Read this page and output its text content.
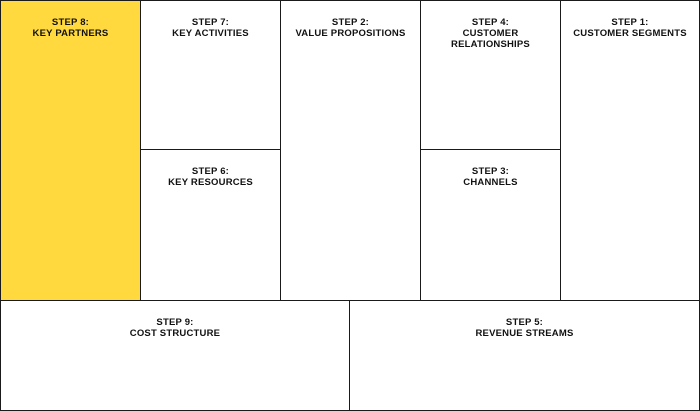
STEP 8:
KEY PARTNERS
STEP 7:
KEY ACTIVITIES
STEP 6:
KEY RESOURCES
STEP 2:
VALUE PROPOSITIONS
STEP 4:
CUSTOMER RELATIONSHIPS
STEP 3:
CHANNELS
STEP 1:
CUSTOMER SEGMENTS
STEP 9:
COST STRUCTURE
STEP 5:
REVENUE STREAMS
